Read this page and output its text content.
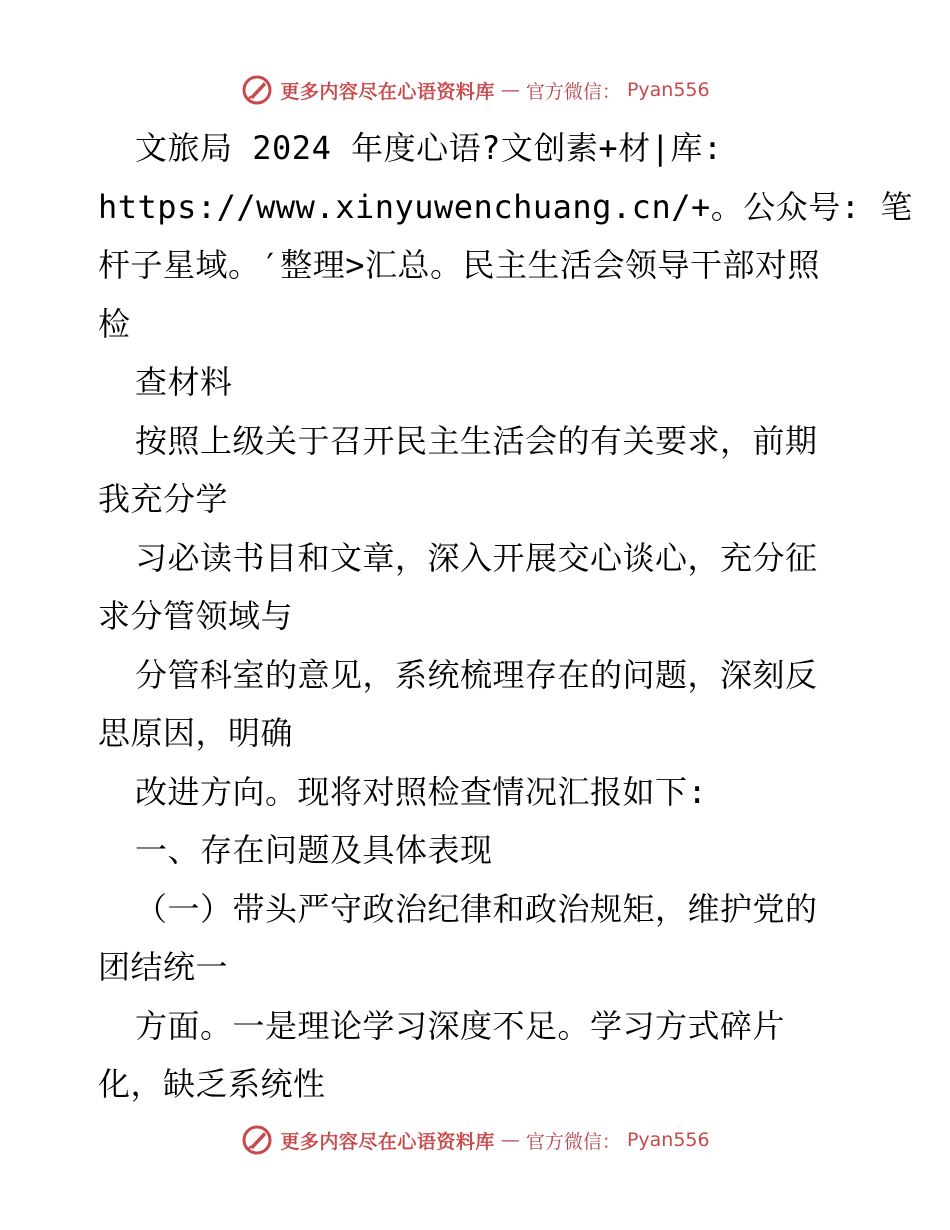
更多内容尽在心语资料库 — 官方微信： Pyan556
文旅局 2024 年度心语?文创素+材|库:
https://www.xinyuwenchuang.cn/+。公众号: 笔
杆子星域。′整理>汇总。民主生活会领导干部对照
检
查材料
按照上级关于召开民主生活会的有关要求，前期
我充分学
习必读书目和文章，深入开展交心谈心，充分征
求分管领域与
分管科室的意见，系统梳理存在的问题，深刻反
思原因，明确
改进方向。现将对照检查情况汇报如下:
一、存在问题及具体表现
（一）带头严守政治纪律和政治规矩，维护党的
团结统一
方面。一是理论学习深度不足。学习方式碎片
化，缺乏系统性
更多内容尽在心语资料库 — 官方微信： Pyan556
